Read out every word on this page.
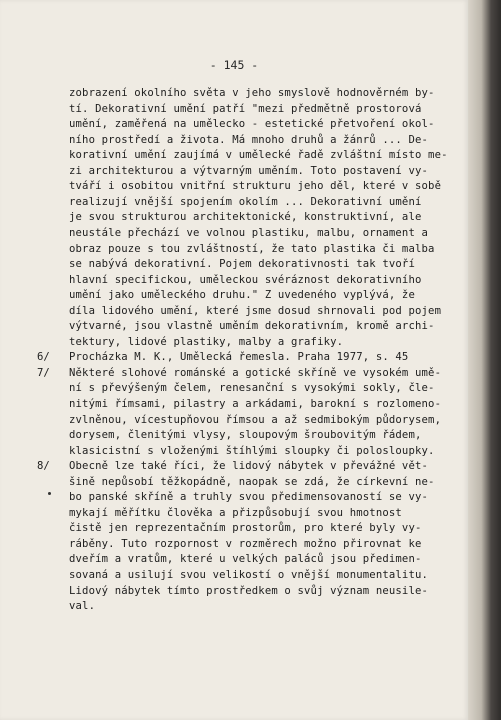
- 145 -
zobrazení okolního světa v jeho smyslově hodnověrném by-
tí. Dekorativní umění patří "mezi předmětně prostorová
umění, zaměřená na umělecko - estetické přetvoření okol-
ního prostředí a života. Má mnoho druhů a žánrů ... De-
korativní umění zaujímá v umělecké řadě zvláštní místo me-
zi architekturou a výtvarným uměním. Toto postavení vy-
tváří i osobitou vnitřní strukturu jeho děl, které v sobě
realizují vnější spojením okolím ... Dekorativní umění
je svou strukturou architektonické, konstruktivní, ale
neustále přechází ve volnou plastiku, malbu, ornament a
obraz pouze s tou zvláštností, že tato plastika či malba
se nabývá dekorativní. Pojem dekorativnosti tak tvoří
hlavní specifickou, uměleckou svéráznost dekorativního
umění jako uměleckého druhu." Z uvedeného vyplývá, že
díla lidového umění, které jsme dosud shrnovali pod pojem
výtvarné, jsou vlastně uměním dekorativním, kromě archi-
tektury, lidové plastiky, malby a grafiky.
6/ Procházka M. K., Umělecká řemesla. Praha 1977, s. 45
7/ Některé slohové románské a gotické skříně ve vysokém umě-
ní s převýšeným čelem, renesanční s vysokými sokly, čle-
nitými římsami, pilastry a arkádami, barokní s rozlomeno-
zvlněnou, vícestupňovou římsou a až sedmibokým půdorysem,
dorysem, členitými vlysy, sloupovým šroubovitým řádem,
klasicistní s vloženými štíhlými sloupky či polosloupky.
8/ Obecně lze také říci, že lidový nábytek v převážné vět-
šině nepůsobí těžkopádně, naopak se zdá, že církevní ne-
bo panské skříně a truhly svou předimensovaností se vy-
mykají měřítku člověka a přizpůsobují svou hmotnost
čistě jen reprezentačním prostorům, pro které byly vy-
ráběny. Tuto rozpornost v rozměrech možno přirovnat ke
dveřím a vratům, které u velkých paláců jsou předimen-
sovaná a usilují svou velikostí o vnější monumentalitu.
Lidový nábytek tímto prostředkem o svůj význam neusile-
val.
